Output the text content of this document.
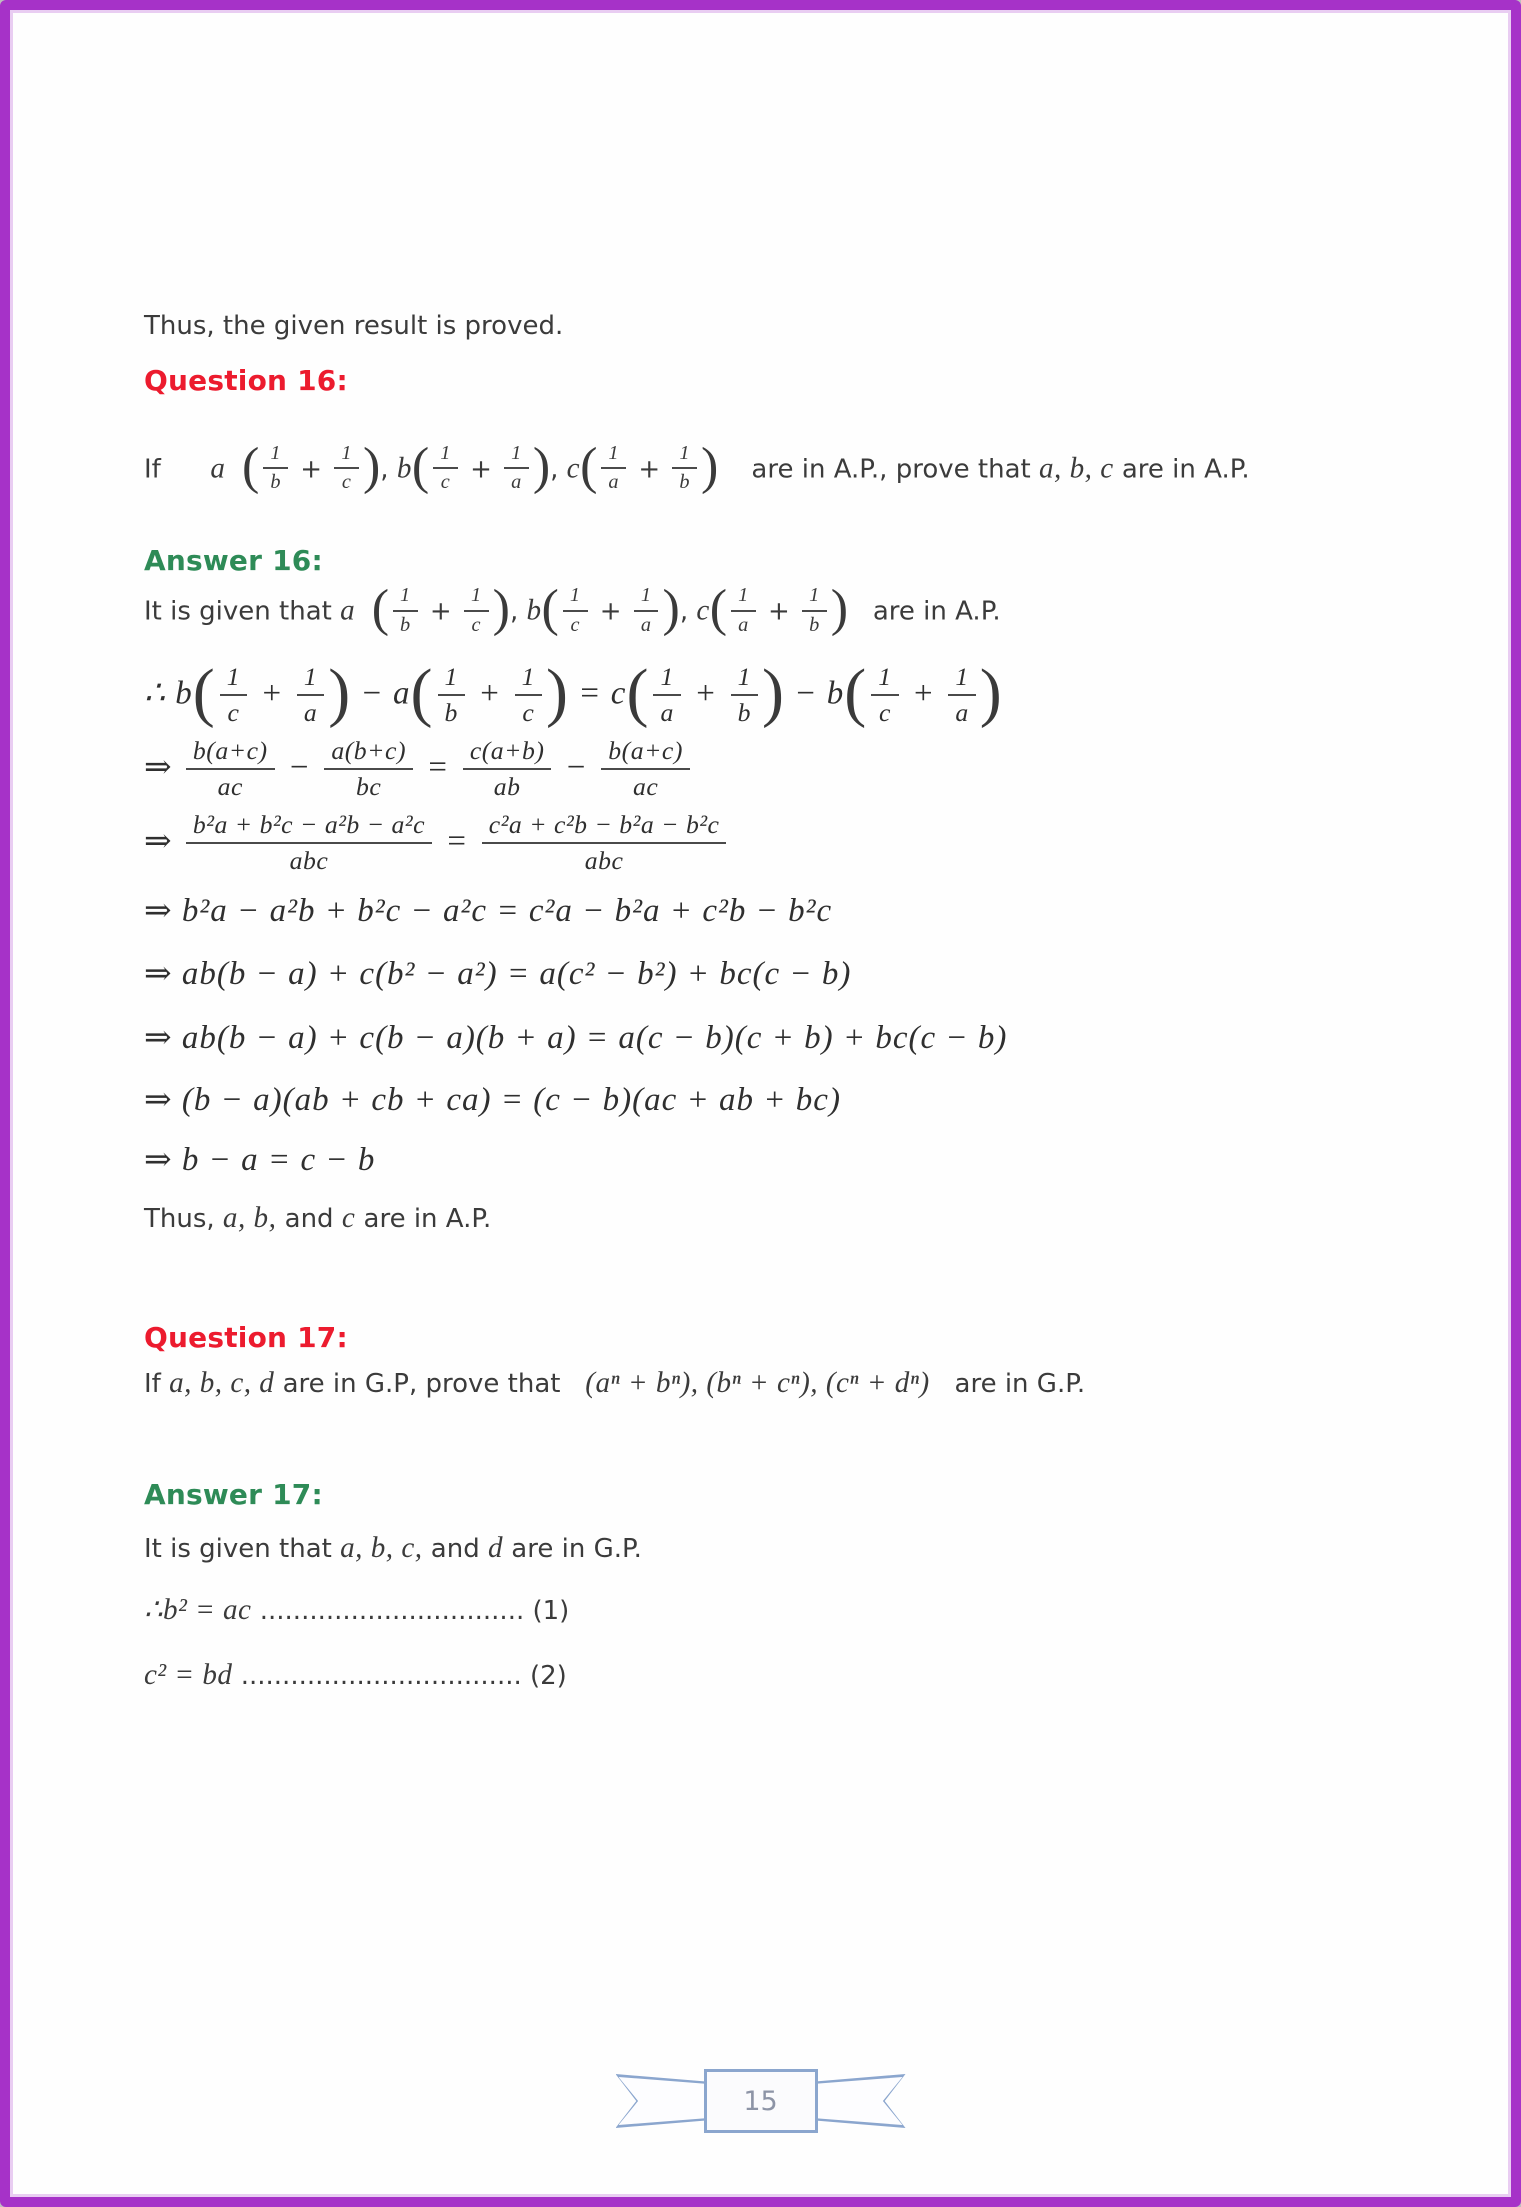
Thus, the given result is proved.
Question 16:
If      a ( $\frac{1}{b} + \frac{1}{c}$ ), $b( \frac{1}{c} + \frac{1}{a}$ ), $c( \frac{1}{a} + \frac{1}{b}$ )    are in A.P., prove that a, b, c are in A.P.
Answer 16:
It is given that a ( $\frac{1}{b} + \frac{1}{c}$ ), $b( \frac{1}{c} + \frac{1}{a}$ ), $c( \frac{1}{a} + \frac{1}{b}$ )   are in A.P.
∴ $b( \frac{1}{c} + \frac{1}{a}$ ) − $a( \frac{1}{b} + \frac{1}{c}$ ) = $c( \frac{1}{a} + \frac{1}{b}$ ) − $b( \frac{1}{c} + \frac{1}{a}$ )
⇒ $\frac{b(a+c)}{ac} - \frac{a(b+c)}{bc} = \frac{c(a+b)}{ab} - \frac{b(a+c)}{ac}$
⇒ $\frac{\text{b²a + b²c − a²b − a²c}}{\text{abc}} = \frac{\text{c²a + c²b − b²a − b²c}}{\text{abc}}$
⇒ b²a − a²b + b²c − a²c = c²a − b²a + c²b − b²c
⇒ ab(b − a) + c(b² − a²) = a(c² − b²) + bc(c − b)
⇒ ab(b − a) + c(b − a)(b + a) = a(c − b)(c + b) + bc(c − b)
⇒ (b − a)(ab + cb + ca) = (c − b)(ac + ab + bc)
⇒ b − a = c − b
Thus, a, b, and c are in A.P.
Question 17:
If a, b, c, d are in G.P, prove that   (aⁿ + bⁿ), (bⁿ + cⁿ), (cⁿ + dⁿ)   are in G.P.
Answer 17:
It is given that a, b, c, and d are in G.P.
∴b² = ac ................................ (1)
c² = bd .................................. (2)
15
